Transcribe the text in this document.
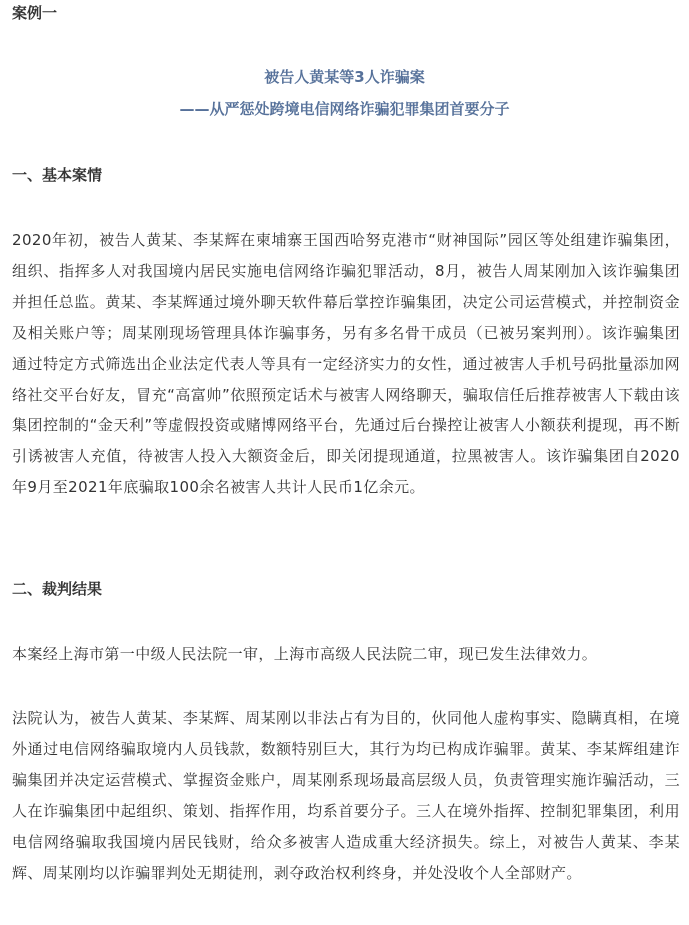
案例一

被告人黄某等3人诈骗案

——从严惩处跨境电信网络诈骗犯罪集团首要分子

一、基本案情

2020年初，被告人黄某、李某辉在柬埔寨王国西哈努克港市“财神国际”园区等处组建诈骗集团，组织、指挥多人对我国境内居民实施电信网络诈骗犯罪活动，8月，被告人周某刚加入该诈骗集团并担任总监。黄某、李某辉通过境外聊天软件幕后掌控诈骗集团，决定公司运营模式，并控制资金及相关账户等；周某刚现场管理具体诈骗事务，另有多名骨干成员（已被另案判刑）。该诈骗集团通过特定方式筛选出企业法定代表人等具有一定经济实力的女性，通过被害人手机号码批量添加网络社交平台好友，冒充“高富帅”依照预定话术与被害人网络聊天，骗取信任后推荐被害人下载由该集团控制的“金天利”等虚假投资或赌博网络平台，先通过后台操控让被害人小额获利提现，再不断引诱被害人充值，待被害人投入大额资金后，即关闭提现通道，拉黑被害人。该诈骗集团自2020年9月至2021年底骗取100余名被害人共计人民币1亿余元。

二、裁判结果

本案经上海市第一中级人民法院一审，上海市高级人民法院二审，现已发生法律效力。

法院认为，被告人黄某、李某辉、周某刚以非法占有为目的，伙同他人虚构事实、隐瞒真相，在境外通过电信网络骗取境内人员钱款，数额特别巨大，其行为均已构成诈骗罪。黄某、李某辉组建诈骗集团并决定运营模式、掌握资金账户，周某刚系现场最高层级人员，负责管理实施诈骗活动，三人在诈骗集团中起组织、策划、指挥作用，均系首要分子。三人在境外指挥、控制犯罪集团，利用电信网络骗取我国境内居民钱财，给众多被害人造成重大经济损失。综上，对被告人黄某、李某辉、周某刚均以诈骗罪判处无期徒刑，剥夺政治权利终身，并处没收个人全部财产。
